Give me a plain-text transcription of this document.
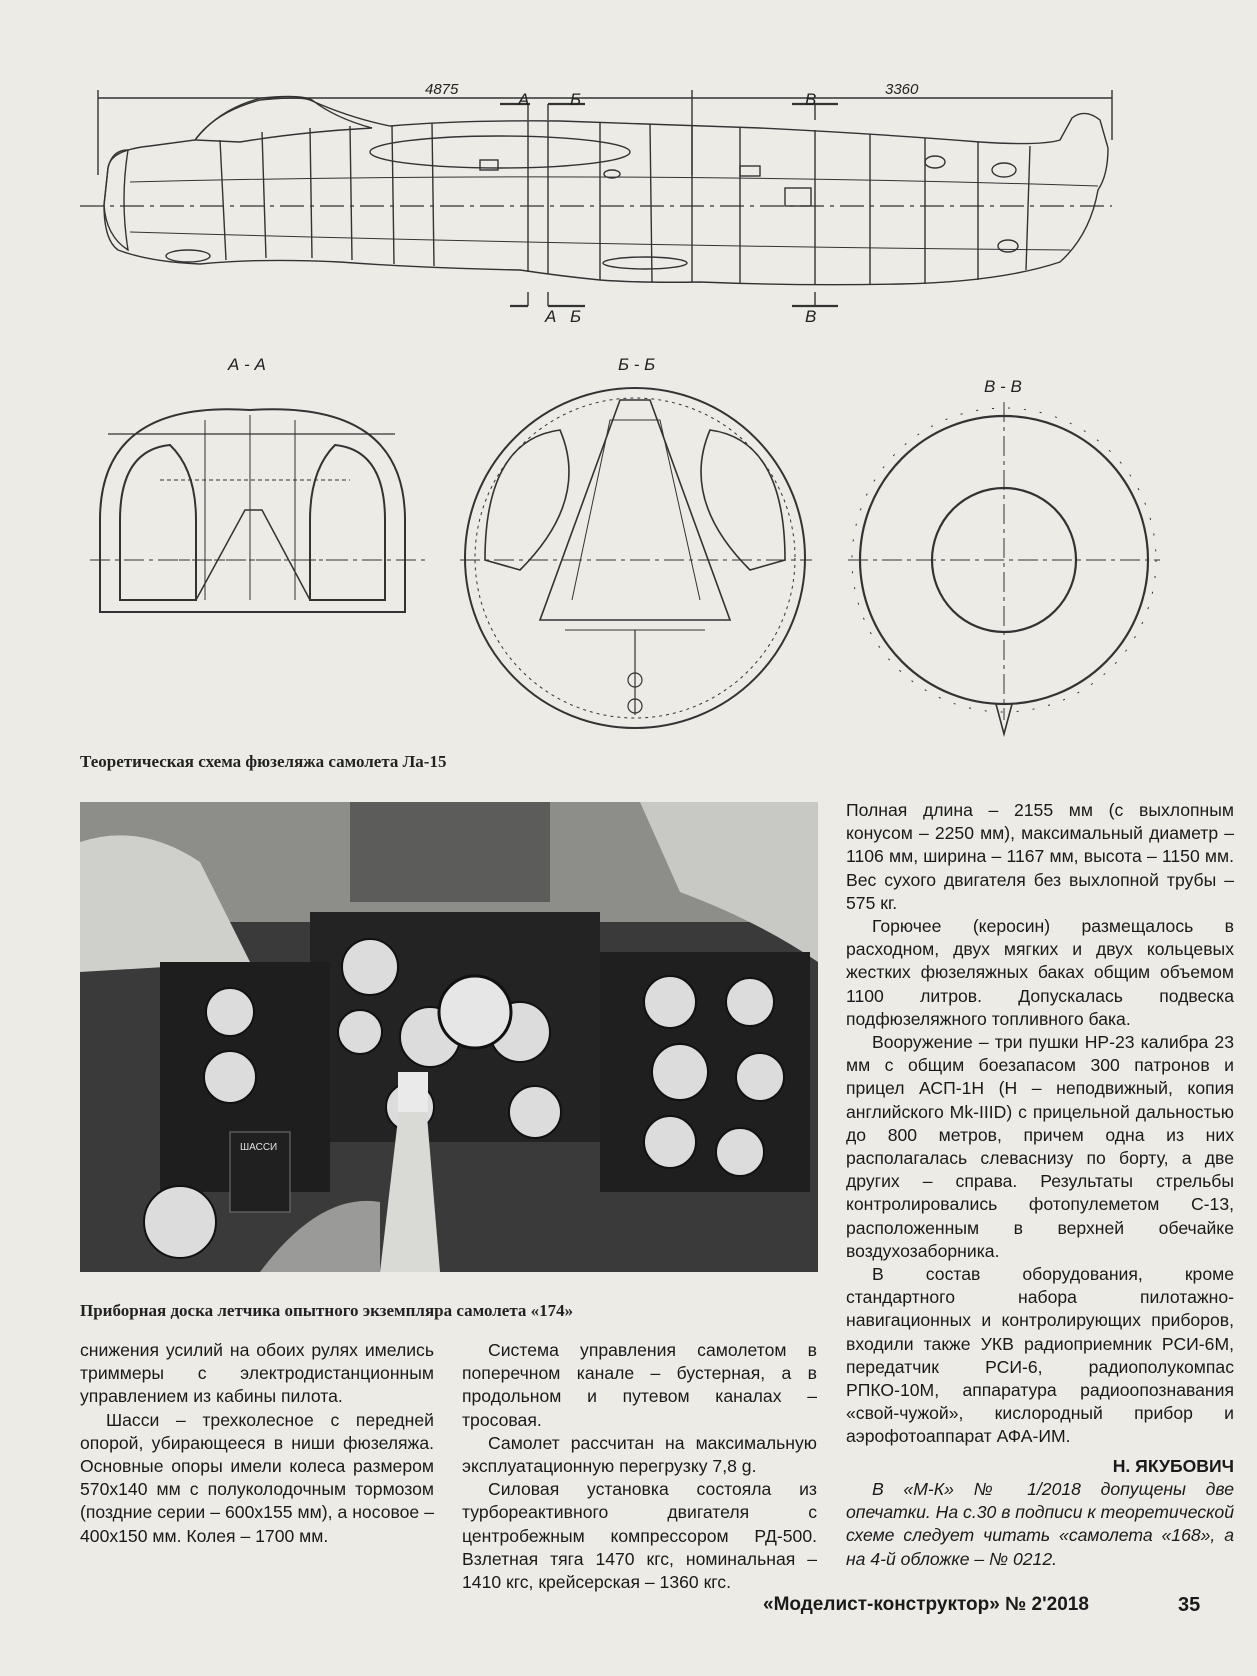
4875	3360
А Б	В
А Б	В
А - А	Б - Б
В - В
Теоретическая схема фюзеляжа самолета Ла-15
ШАССИ
Приборная доска летчика опытного экземпляра самолета «174»

Полная длина – 2155 мм (с выхлопным конусом – 2250 мм), максимальный диаметр – 1106 мм, ширина – 1167 мм, высота – 1150 мм. Вес сухого двигателя без выхлопной трубы – 575 кг.

Горючее (керосин) размещалось в расходном, двух мягких и двух кольцевых жестких фюзеляжных баках общим объемом 1100 литров. Допускалась подвеска подфюзеляжного топливного бака.

Вооружение – три пушки НР-23 калибра 23 мм с общим боезапасом 300 патронов и прицел АСП-1Н (Н – неподвижный, копия английского Mk-IIID) с прицельной дальностью до 800 метров, причем одна из них располагалась слеваснизу по борту, а две других – справа. Результаты стрельбы контролировались фотопулеметом С-13, расположенным в верхней обечайке воздухозаборника.

В состав оборудования, кроме стандартного набора пилотажно-навигационных и контролирующих приборов, входили также УКВ радиоприемник РСИ-6М, передатчик РСИ-6, радиополукомпас РПКО-10М, аппаратура радиоопознавания «свой-чужой», кислородный прибор и аэрофотоаппарат АФА-ИМ.

Н. ЯКУБОВИЧ

В «М-К» № 1/2018 допущены две опечатки. На с.30 в подписи к теоретической схеме следует читать «самолета «168», а на 4-й обложке – № 0212.

снижения усилий на обоих рулях имелись триммеры с электродистанционным управлением из кабины пилота.

Шасси – трехколесное с передней опорой, убирающееся в ниши фюзеляжа. Основные опоры имели колеса размером 570х140 мм с полуколодочным тормозом (поздние серии – 600х155 мм), а носовое – 400х150 мм. Колея – 1700 мм.

Система управления самолетом в поперечном канале – бустерная, а в продольном и путевом каналах – тросовая.

Самолет рассчитан на максимальную эксплуатационную перегрузку 7,8 g.

Силовая установка состояла из турбореактивного двигателя с центробежным компрессором РД-500. Взлетная тяга 1470 кгс, номинальная – 1410 кгс, крейсерская – 1360 кгс.

«Моделист-конструктор» № 2'2018	35
